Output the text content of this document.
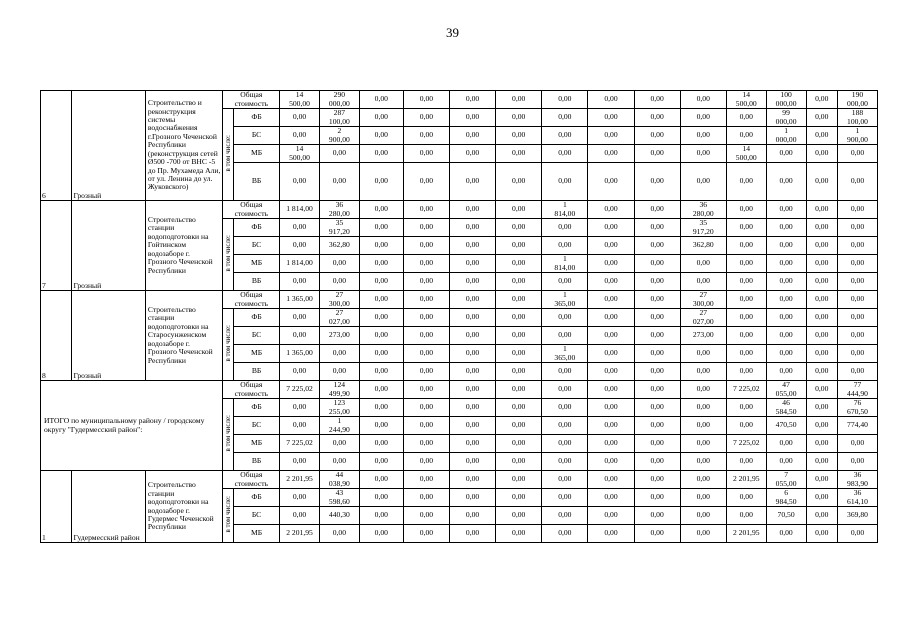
39
6	Грозный	Строительство и реконструкция системы водоснабжения г.Грозного Чеченской Республики (реконструкция сетей Ø500 -700 от ВНС -5 до Пр. Мухамеда Али, от ул. Ленина до ул. Жуковского)	Общая стоимость		14
500,00	290
000,00	0,00	0,00	0,00	0,00	0,00	0,00	0,00	0,00	14
500,00	100
000,00	0,00	190
000,00
			в том числе:	ФБ	0,00	287
100,00	0,00	0,00	0,00	0,00	0,00	0,00	0,00	0,00	0,00	99
000,00	0,00	188
100,00
				БС	0,00	2
900,00	0,00	0,00	0,00	0,00	0,00	0,00	0,00	0,00	0,00	1
000,00	0,00	1
900,00
				МБ	14
500,00	0,00	0,00	0,00	0,00	0,00	0,00	0,00	0,00	0,00	14
500,00	0,00	0,00	0,00
				ВБ	0,00	0,00	0,00	0,00	0,00	0,00	0,00	0,00	0,00	0,00	0,00	0,00	0,00	0,00
7	Грозный	Строительство станции водоподготовки на Гойтинском водозаборе г. Грозного Чеченской Республики	Общая стоимость		1 814,00	36
280,00	0,00	0,00	0,00	0,00	1
814,00	0,00	0,00	36
280,00	0,00	0,00	0,00	0,00
			в том числе:	ФБ	0,00	35
917,20	0,00	0,00	0,00	0,00	0,00	0,00	0,00	35
917,20	0,00	0,00	0,00	0,00
				БС	0,00	362,80	0,00	0,00	0,00	0,00	0,00	0,00	0,00	362,80	0,00	0,00	0,00	0,00
				МБ	1 814,00	0,00	0,00	0,00	0,00	0,00	1
814,00	0,00	0,00	0,00	0,00	0,00	0,00	0,00
				ВБ	0,00	0,00	0,00	0,00	0,00	0,00	0,00	0,00	0,00	0,00	0,00	0,00	0,00	0,00
8	Грозный	Строительство станции водоподготовки на Старосунженском водозаборе г. Грозного Чеченской Республики	Общая стоимость		1 365,00	27
300,00	0,00	0,00	0,00	0,00	1
365,00	0,00	0,00	27
300,00	0,00	0,00	0,00	0,00
			в том числе:	ФБ	0,00	27
027,00	0,00	0,00	0,00	0,00	0,00	0,00	0,00	27
027,00	0,00	0,00	0,00	0,00
				БС	0,00	273,00	0,00	0,00	0,00	0,00	0,00	0,00	0,00	273,00	0,00	0,00	0,00	0,00
				МБ	1 365,00	0,00	0,00	0,00	0,00	0,00	1
365,00	0,00	0,00	0,00	0,00	0,00	0,00	0,00
				ВБ	0,00	0,00	0,00	0,00	0,00	0,00	0,00	0,00	0,00	0,00	0,00	0,00	0,00	0,00
ИТОГО по муниципальному району / городскому округу "Гудермесский район":			Общая стоимость		7 225,02	124
499,90	0,00	0,00	0,00	0,00	0,00	0,00	0,00	0,00	7 225,02	47
055,00	0,00	77
444,90
			в том числе:	ФБ	0,00	123
255,00	0,00	0,00	0,00	0,00	0,00	0,00	0,00	0,00	0,00	46
584,50	0,00	76
670,50
				БС	0,00	1
244,90	0,00	0,00	0,00	0,00	0,00	0,00	0,00	0,00	0,00	470,50	0,00	774,40
				МБ	7 225,02	0,00	0,00	0,00	0,00	0,00	0,00	0,00	0,00	0,00	7 225,02	0,00	0,00	0,00
				ВБ	0,00	0,00	0,00	0,00	0,00	0,00	0,00	0,00	0,00	0,00	0,00	0,00	0,00	0,00
1	Гудермесский район	Строительство станции водоподготовки на водозаборе г. Гудермес Чеченской Республики	Общая стоимость		2 201,95	44
038,90	0,00	0,00	0,00	0,00	0,00	0,00	0,00	0,00	2 201,95	7
055,00	0,00	36
983,90
			в том числе:	ФБ	0,00	43
598,60	0,00	0,00	0,00	0,00	0,00	0,00	0,00	0,00	0,00	6
984,50	0,00	36
614,10
				БС	0,00	440,30	0,00	0,00	0,00	0,00	0,00	0,00	0,00	0,00	0,00	70,50	0,00	369,80
				МБ	2 201,95	0,00	0,00	0,00	0,00	0,00	0,00	0,00	0,00	0,00	2 201,95	0,00	0,00	0,00
